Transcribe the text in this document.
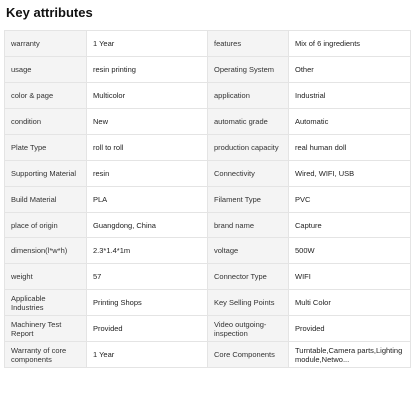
Key attributes
warranty	1 Year	features	Mix of 6 ingredients
usage	resin printing	Operating System	Other
color & page	Multicolor	application	Industrial
condition	New	automatic grade	Automatic
Plate Type	roll to roll	production capacity	real human doll
Supporting Material	resin	Connectivity	Wired, WIFI, USB
Build Material	PLA	Filament Type	PVC
place of origin	Guangdong, China	brand name	Capture
dimension(l*w*h)	2.3*1.4*1m	voltage	500W
weight	57	Connector Type	WIFI
Applicable Industries	Printing Shops	Key Selling Points	Multi Color
Machinery Test Report	Provided	Video outgoing-inspection	Provided
Warranty of core components	1 Year	Core Components	Turntable,Camera parts,Lighting module,Netwo...
